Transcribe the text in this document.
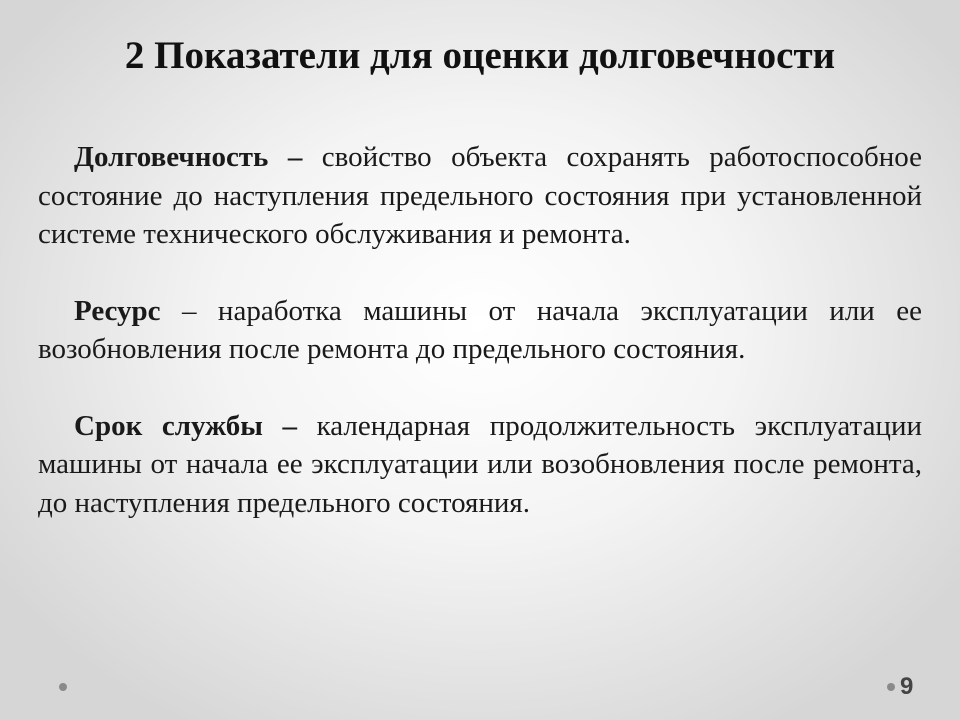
2 Показатели для оценки долговечности

Долговечность – свойство объекта сохранять работоспособное состояние до наступления предельного состояния при установленной системе технического обслуживания и ремонта.

Ресурс – наработка машины от начала эксплуатации или ее возобновления после ремонта до предельного состояния.

Срок службы – календарная продолжительность эксплуатации машины от начала ее эксплуатации или возобновления после ремонта, до наступления предельного состояния.

9
